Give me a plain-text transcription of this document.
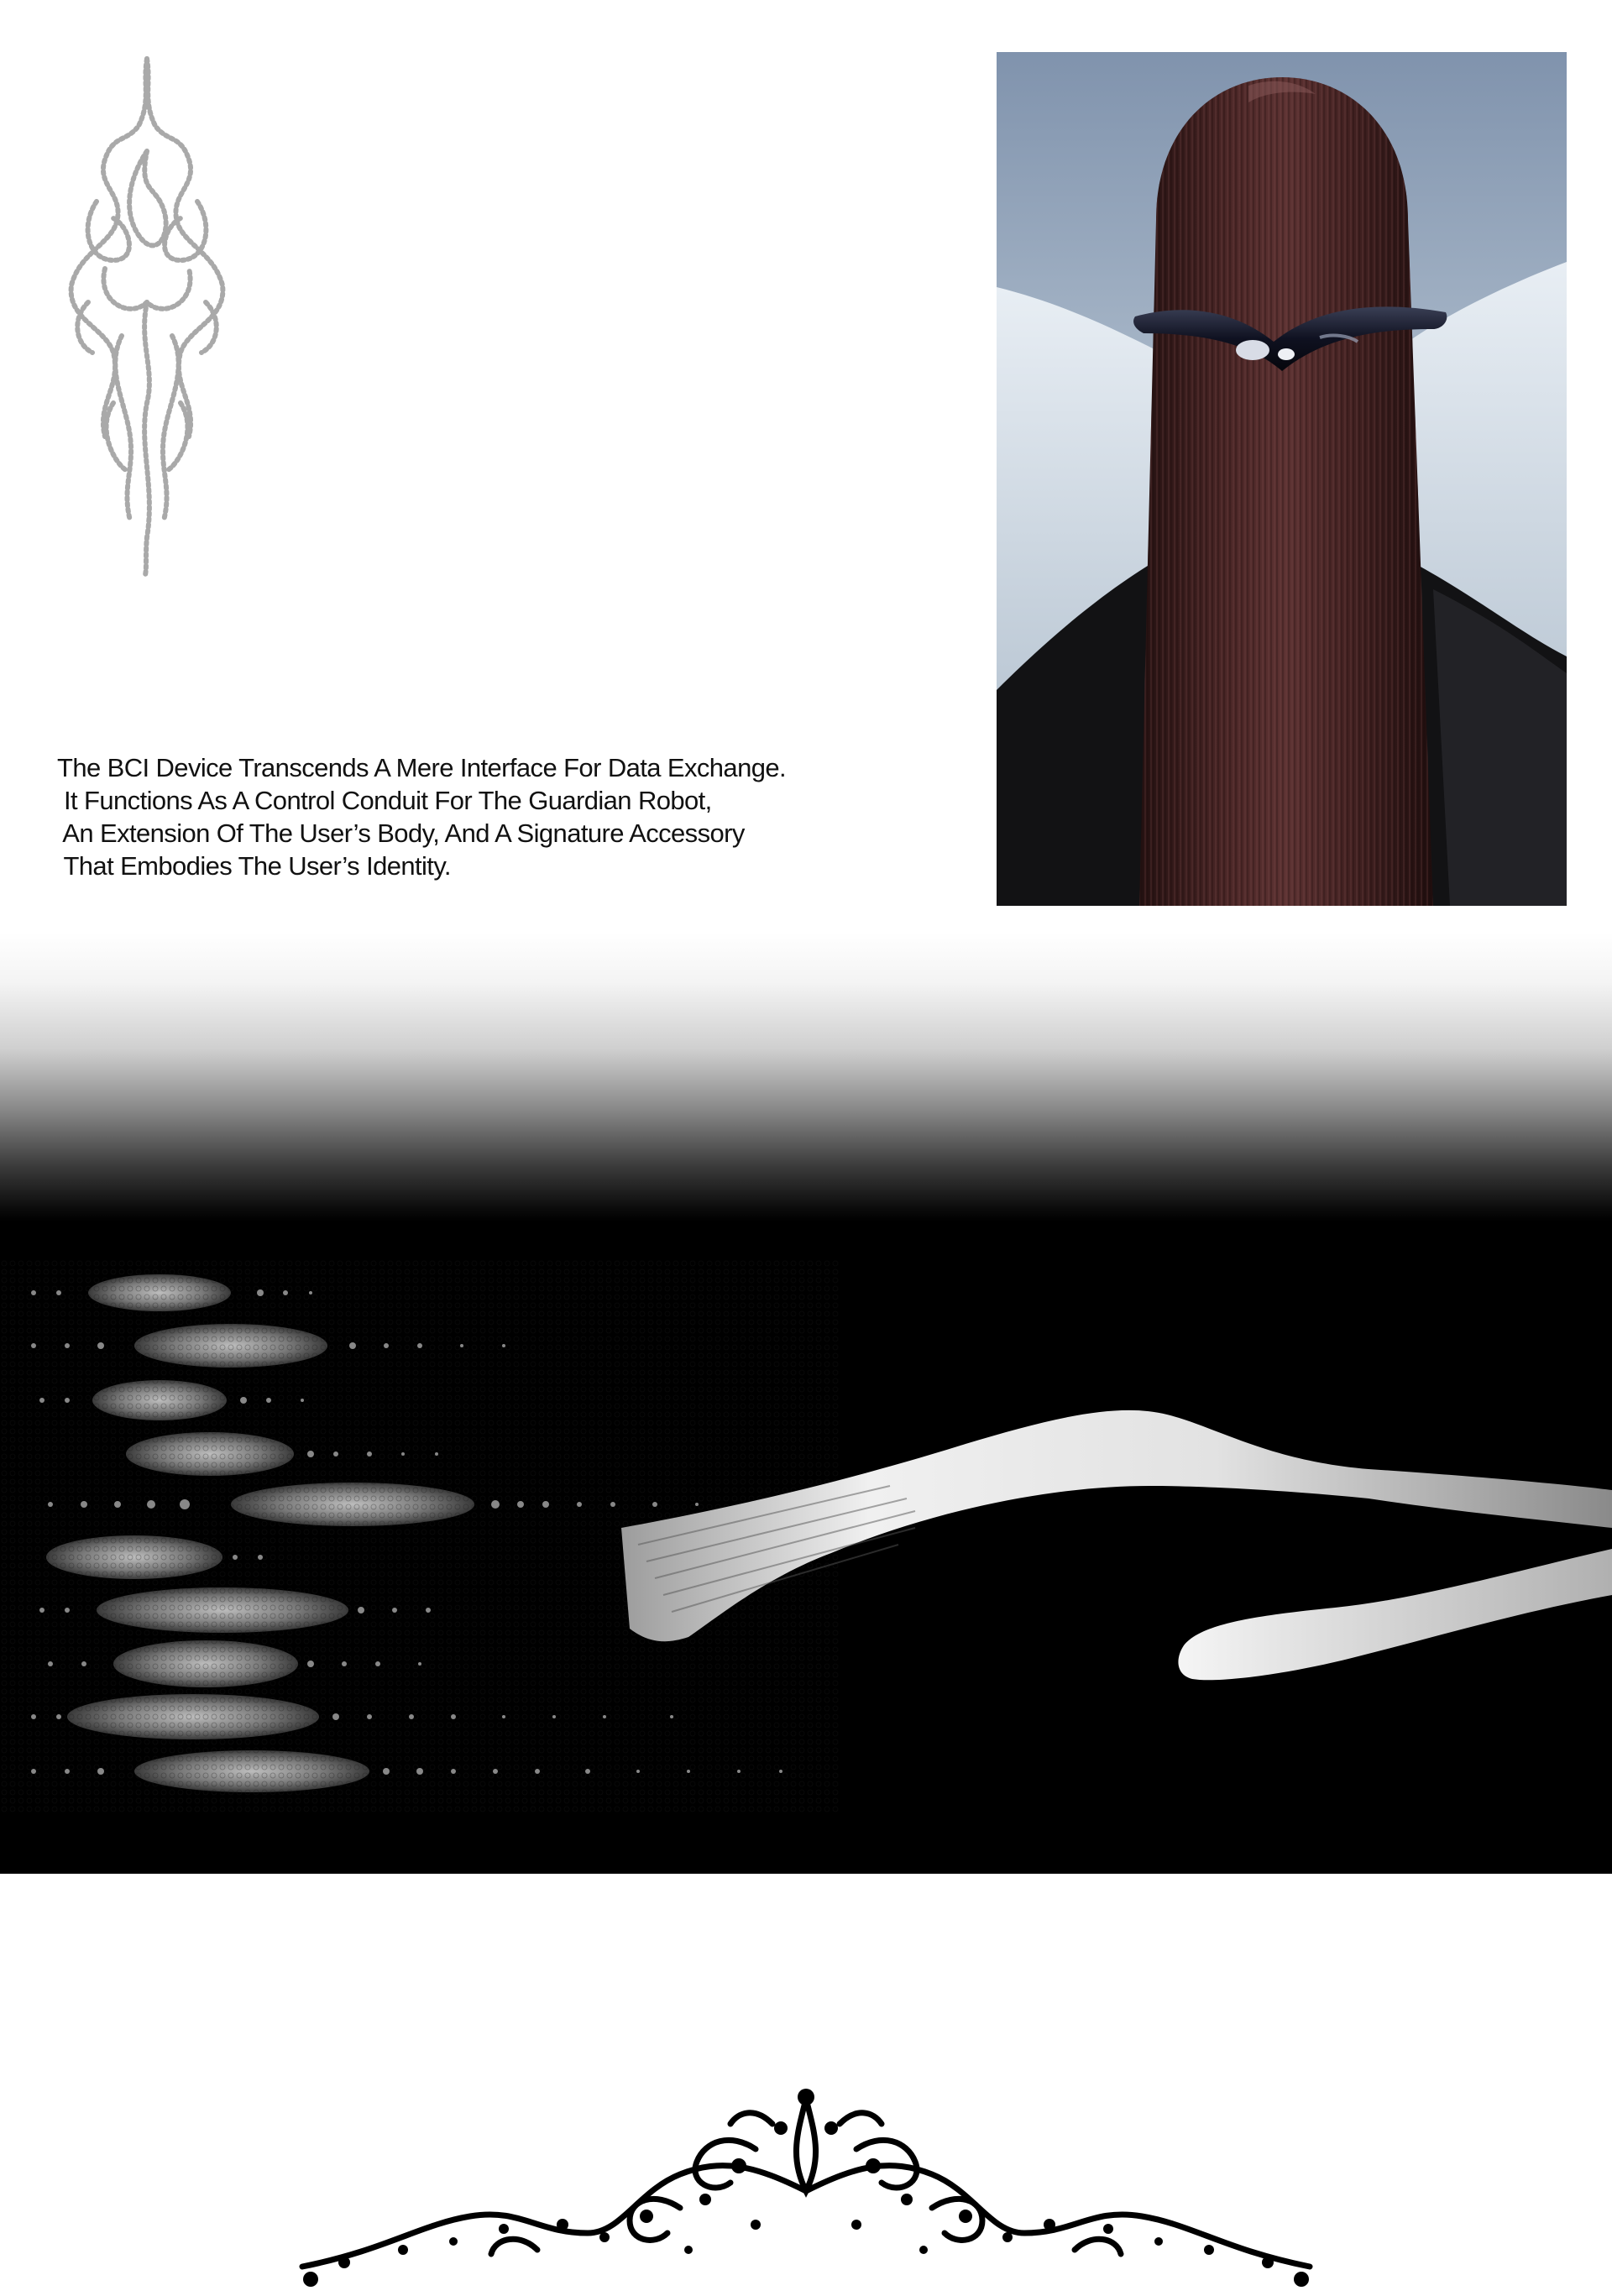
The BCI Device Transcends A Mere Interface For Data Exchange.
It Functions As A Control Conduit For The Guardian Robot,
An Extension Of The User’s Body, And A Signature Accessory
That Embodies The User’s Identity.
